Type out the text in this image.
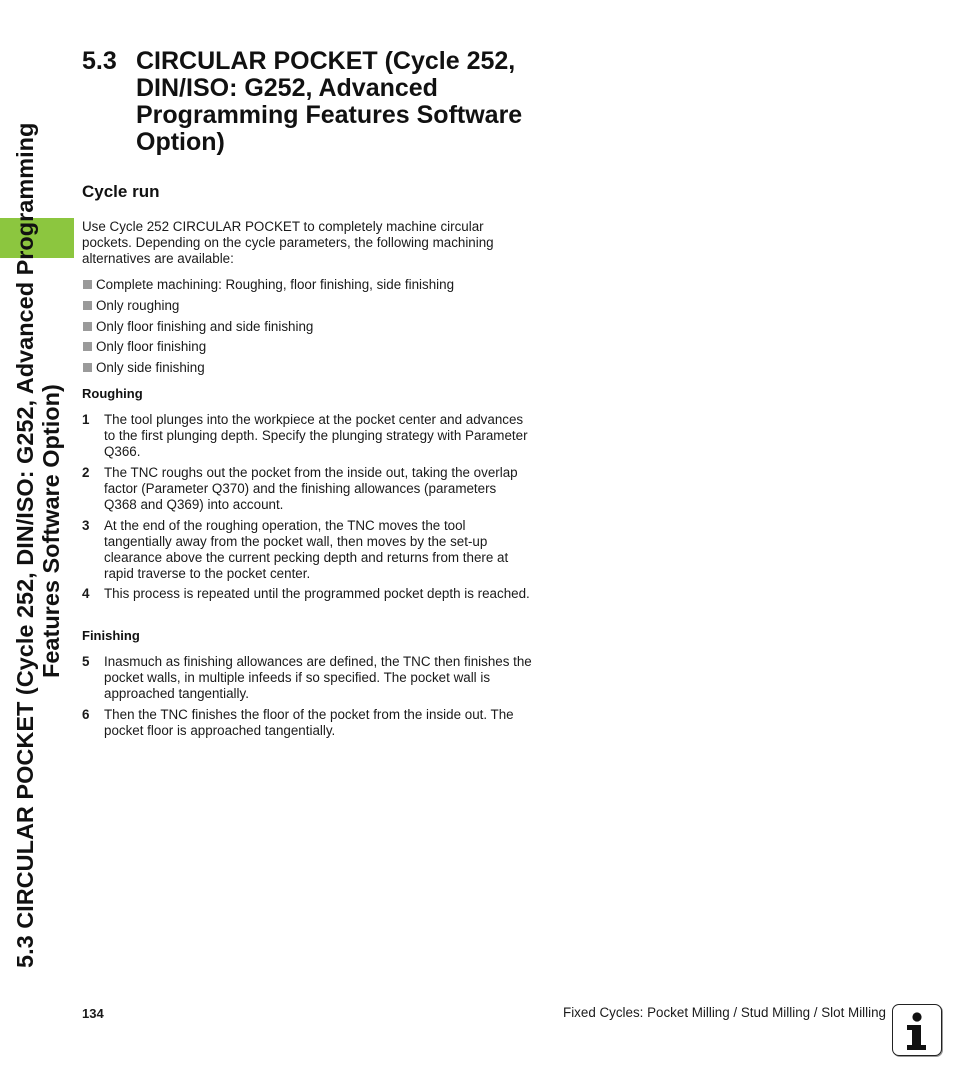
5.3 CIRCULAR POCKET (Cycle 252, DIN/ISO: G252, Advanced Programming Features Software Option)
5.3 CIRCULAR POCKET (Cycle 252, DIN/ISO: G252, Advanced Programming Features Software Option)
Cycle run
Use Cycle 252 CIRCULAR POCKET to completely machine circular pockets. Depending on the cycle parameters, the following machining alternatives are available:
Complete machining: Roughing, floor finishing, side finishing
Only roughing
Only floor finishing and side finishing
Only floor finishing
Only side finishing
Roughing
1 The tool plunges into the workpiece at the pocket center and advances to the first plunging depth. Specify the plunging strategy with Parameter Q366.
2 The TNC roughs out the pocket from the inside out, taking the overlap factor (Parameter Q370) and the finishing allowances (parameters Q368 and Q369) into account.
3 At the end of the roughing operation, the TNC moves the tool tangentially away from the pocket wall, then moves by the set-up clearance above the current pecking depth and returns from there at rapid traverse to the pocket center.
4 This process is repeated until the programmed pocket depth is reached.
Finishing
5 Inasmuch as finishing allowances are defined, the TNC then finishes the pocket walls, in multiple infeeds if so specified. The pocket wall is approached tangentially.
6 Then the TNC finishes the floor of the pocket from the inside out. The pocket floor is approached tangentially.
134	Fixed Cycles: Pocket Milling / Stud Milling / Slot Milling
